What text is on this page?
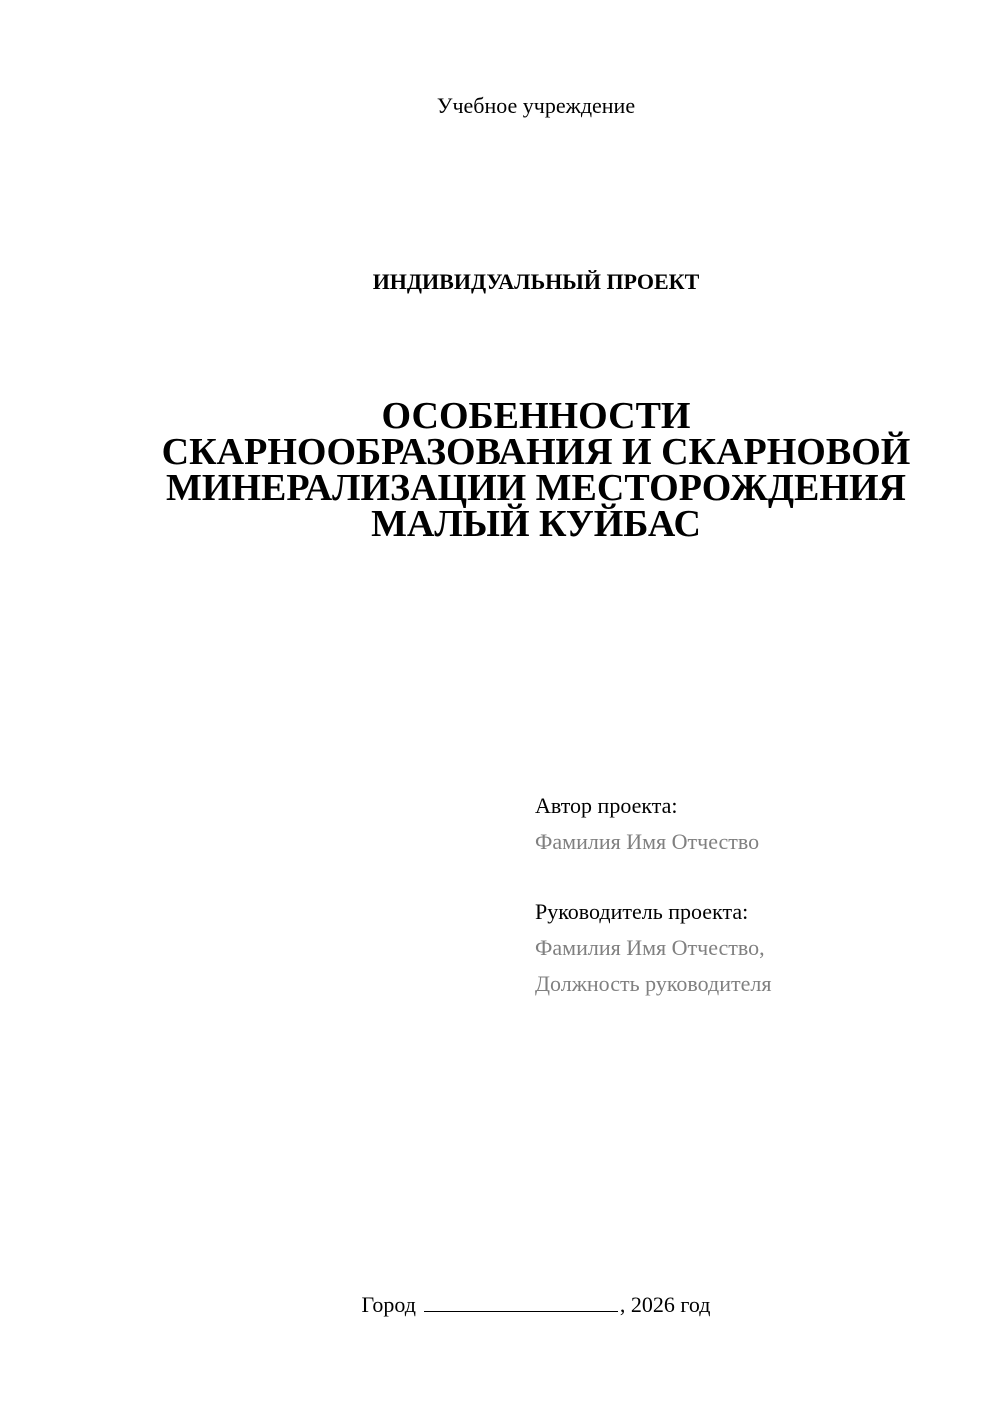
Учебное учреждение
ИНДИВИДУАЛЬНЫЙ ПРОЕКТ
ОСОБЕННОСТИ
СКАРНООБРАЗОВАНИЯ И СКАРНОВОЙ
МИНЕРАЛИЗАЦИИ МЕСТОРОЖДЕНИЯ
МАЛЫЙ КУЙБАС
Автор проекта:
Фамилия Имя Отчество
Руководитель проекта:
Фамилия Имя Отчество,
Должность руководителя
Город	, 2026 год
